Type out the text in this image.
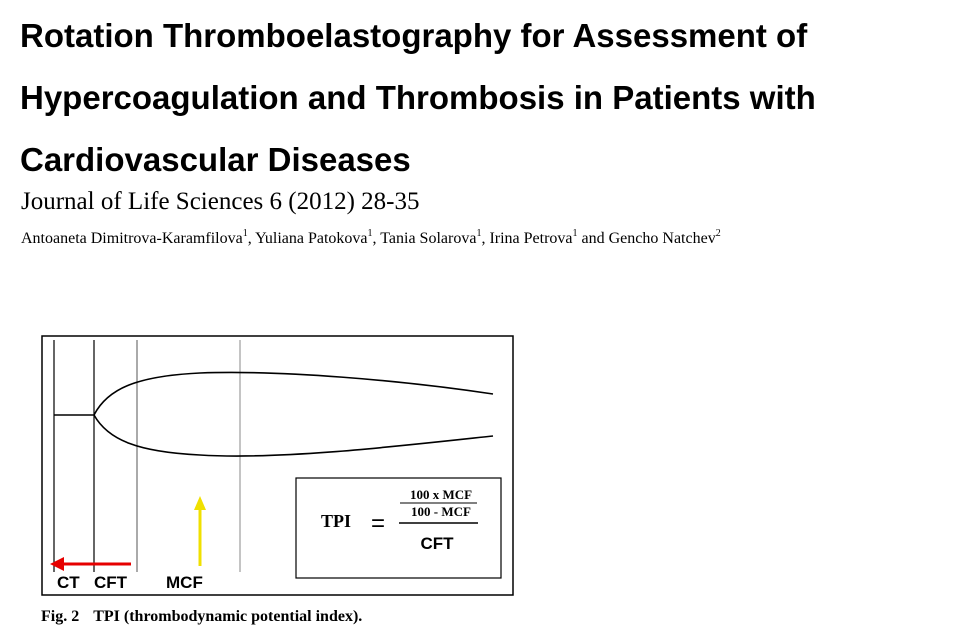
Rotation Thromboelastography for Assessment of
Hypercoagulation and Thrombosis in Patients with
Cardiovascular Diseases
Journal of Life Sciences 6 (2012) 28-35
Antoaneta Dimitrova-Karamfilova$^1$, Yuliana Patokova$^1$, Tania Solarova$^1$, Irina Petrova$^1$ and Gencho Natchev$^2$
TPI =
100 x MCF
100 - MCF
CFT
CT CFT MCF
Fig. 2 TPI (thrombodynamic potential index).
